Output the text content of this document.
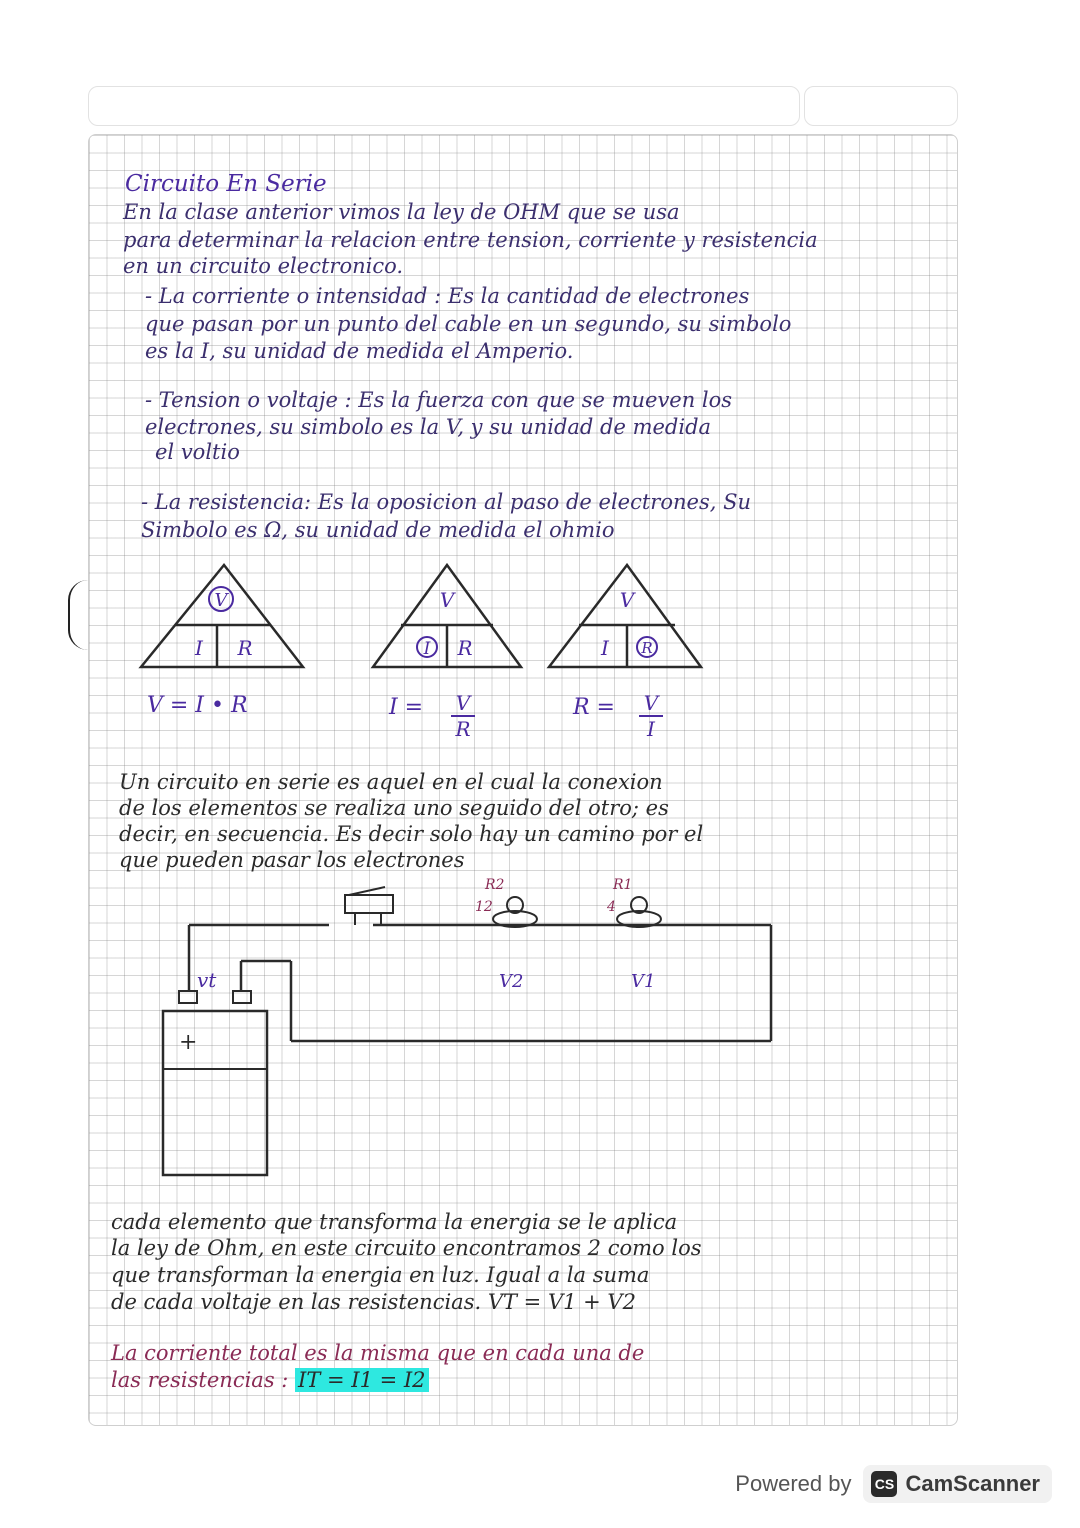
Circuito En Serie

En la clase anterior vimos la ley de OHM que se usa

para determinar la relacion entre tension, corriente y resistencia

en un circuito electronico.

- La corriente o intensidad : Es la cantidad de electrones

que pasan por un punto del cable en un segundo, su simbolo

es la I, su unidad de medida el Amperio.

- Tension o voltaje : Es la fuerza con que se mueven los

electrones, su simbolo es la V, y su unidad de medida

el voltio

- La resistencia: Es la oposicion al paso de electrones, Su

Simbolo es Ω, su unidad de medida el ohmio

V
I R
V
I R
V
I R
V = I • R	$I = \frac{V}{R}$	$R = \frac{V}{I}$

Un circuito en serie es aquel en el cual la conexion

de los elementos se realiza uno seguido del otro; es

decir, en secuencia. Es decir solo hay un camino por el

que pueden pasar los electrones

+
vt
R2
12
R1
4
V2	V1

cada elemento que transforma la energia se le aplica

la ley de Ohm, en este circuito encontramos 2 como los

que transforman la energia en luz. Igual a la suma

de cada voltaje en las resistencias. VT = V1 + V2

La corriente total es la misma que en cada una de

las resistencias : IT = I1 = I2

Powered by CS CamScanner
